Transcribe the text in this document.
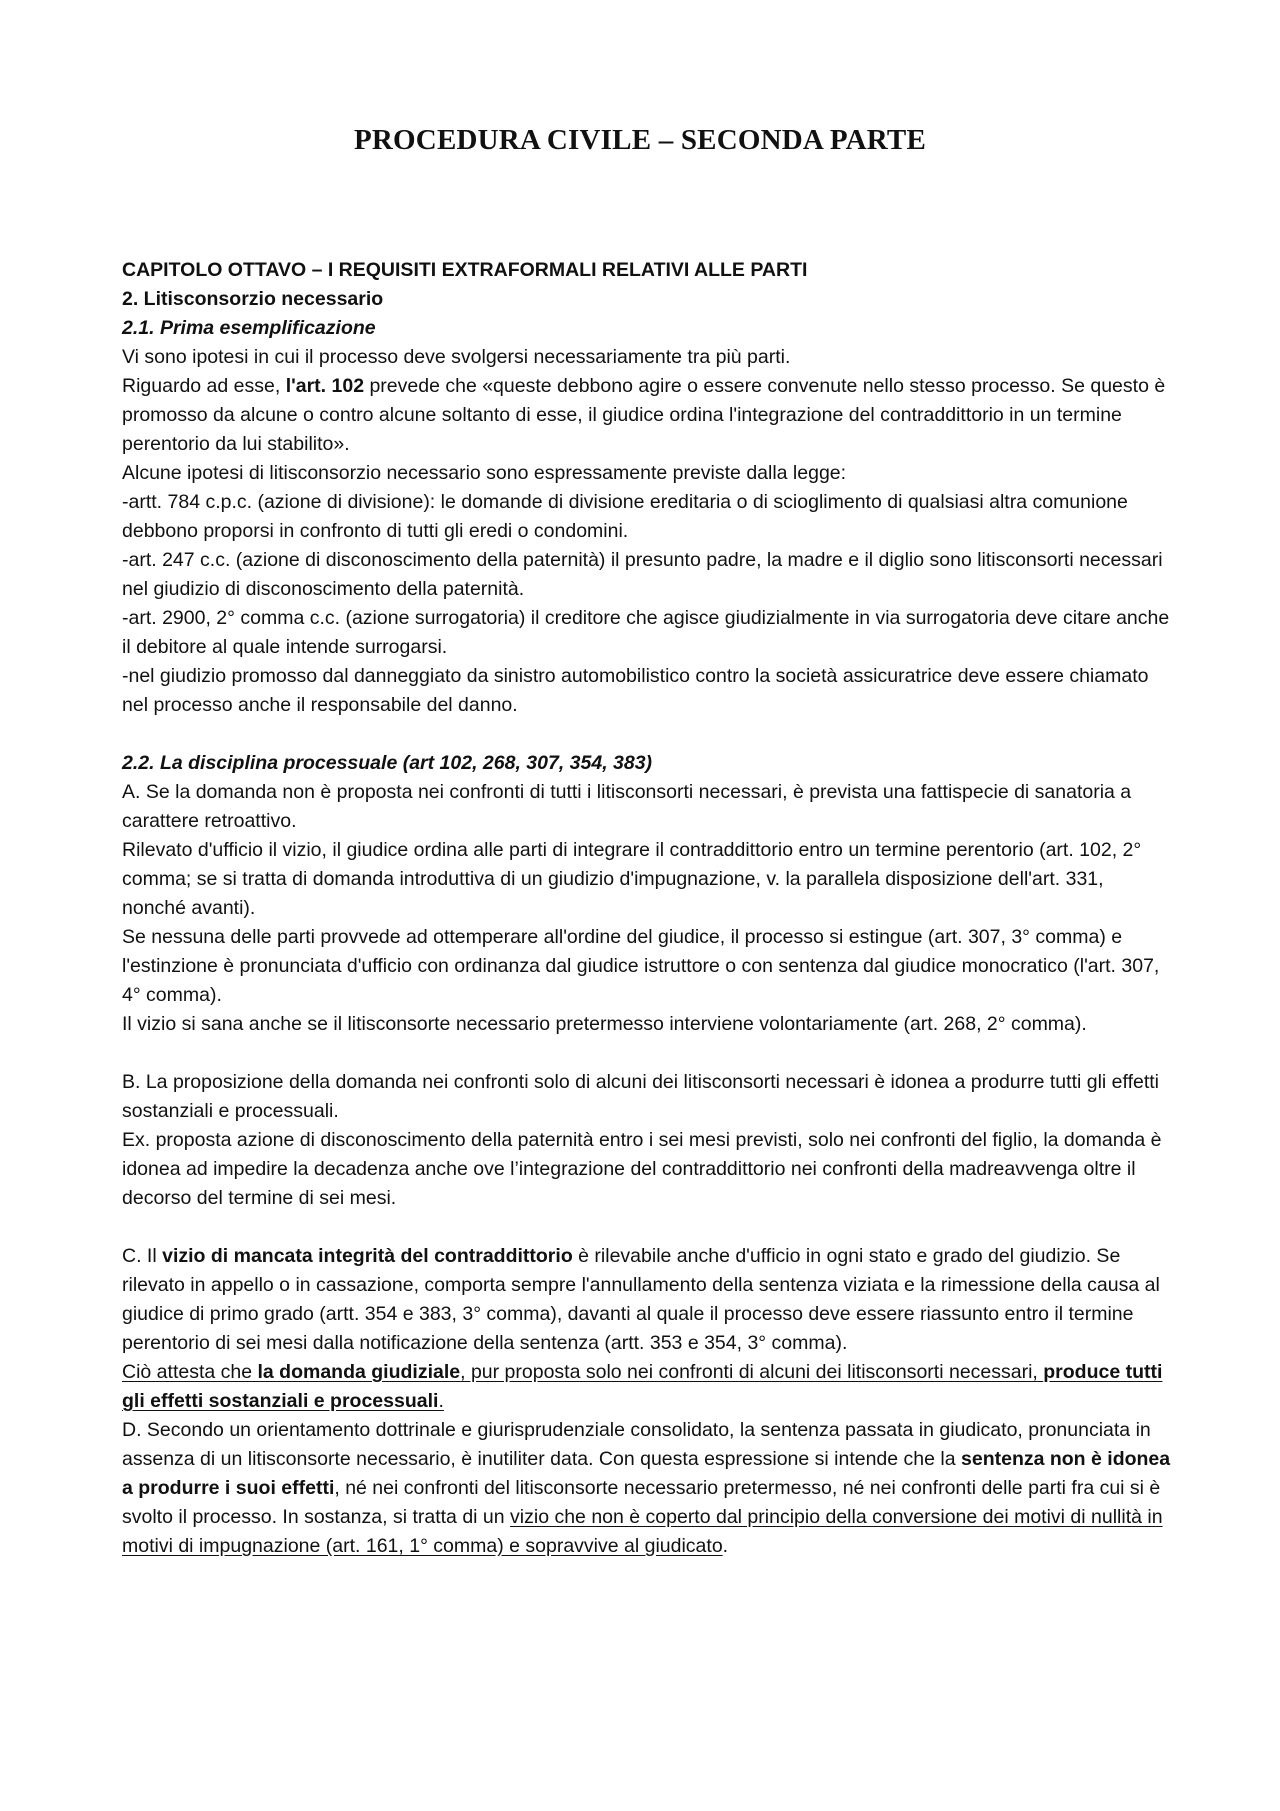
PROCEDURA CIVILE – SECONDA PARTE

CAPITOLO OTTAVO – I REQUISITI EXTRAFORMALI RELATIVI ALLE PARTI

2. Litisconsorzio necessario

2.1. Prima esemplificazione

Vi sono ipotesi in cui il processo deve svolgersi necessariamente tra più parti.

Riguardo ad esse, l'art. 102 prevede che «queste debbono agire o essere convenute nello stesso processo. Se questo è promosso da alcune o contro alcune soltanto di esse, il giudice ordina l'integrazione del contraddittorio in un termine perentorio da lui stabilito».

Alcune ipotesi di litisconsorzio necessario sono espressamente previste dalla legge:

-artt. 784 c.p.c. (azione di divisione): le domande di divisione ereditaria o di scioglimento di qualsiasi altra comunione debbono proporsi in confronto di tutti gli eredi o condomini.

-art. 247 c.c. (azione di disconoscimento della paternità) il presunto padre, la madre e il diglio sono litisconsorti necessari nel giudizio di disconoscimento della paternità.

-art. 2900, 2° comma c.c. (azione surrogatoria) il creditore che agisce giudizialmente in via surrogatoria deve citare anche il debitore al quale intende surrogarsi.

-nel giudizio promosso dal danneggiato da sinistro automobilistico contro la società assicuratrice deve essere chiamato nel processo anche il responsabile del danno.

2.2. La disciplina processuale (art 102, 268, 307, 354, 383)

A. Se la domanda non è proposta nei confronti di tutti i litisconsorti necessari, è prevista una fattispecie di sanatoria a carattere retroattivo.

Rilevato d'ufficio il vizio, il giudice ordina alle parti di integrare il contraddittorio entro un termine perentorio (art. 102, 2° comma; se si tratta di domanda introduttiva di un giudizio d'impugnazione, v. la parallela disposizione dell'art. 331, nonché avanti).

Se nessuna delle parti provvede ad ottemperare all'ordine del giudice, il processo si estingue (art. 307, 3° comma) e l'estinzione è pronunciata d'ufficio con ordinanza dal giudice istruttore o con sentenza dal giudice monocratico (l'art. 307, 4° comma).

Il vizio si sana anche se il litisconsorte necessario pretermesso interviene volontariamente (art. 268, 2° comma).

B. La proposizione della domanda nei confronti solo di alcuni dei litisconsorti necessari è idonea a produrre tutti gli effetti sostanziali e processuali.

Ex. proposta azione di disconoscimento della paternità entro i sei mesi previsti, solo nei confronti del figlio, la domanda è idonea ad impedire la decadenza anche ove l’integrazione del contraddittorio nei confronti della madreavvenga oltre il decorso del termine di sei mesi.

C. Il vizio di mancata integrità del contraddittorio è rilevabile anche d'ufficio in ogni stato e grado del giudizio. Se rilevato in appello o in cassazione, comporta sempre l'annullamento della sentenza viziata e la rimessione della causa al giudice di primo grado (artt. 354 e 383, 3° comma), davanti al quale il processo deve essere riassunto entro il termine perentorio di sei mesi dalla notificazione della sentenza (artt. 353 e 354, 3° comma).

Ciò attesta che la domanda giudiziale, pur proposta solo nei confronti di alcuni dei litisconsorti necessari, produce tutti gli effetti sostanziali e processuali.

D. Secondo un orientamento dottrinale e giurisprudenziale consolidato, la sentenza passata in giudicato, pronunciata in assenza di un litisconsorte necessario, è inutiliter data. Con questa espressione si intende che la sentenza non è idonea a produrre i suoi effetti, né nei confronti del litisconsorte necessario pretermesso, né nei confronti delle parti fra cui si è svolto il processo. In sostanza, si tratta di un vizio che non è coperto dal principio della conversione dei motivi di nullità in motivi di impugnazione (art. 161, 1° comma) e sopravvive al giudicato.
